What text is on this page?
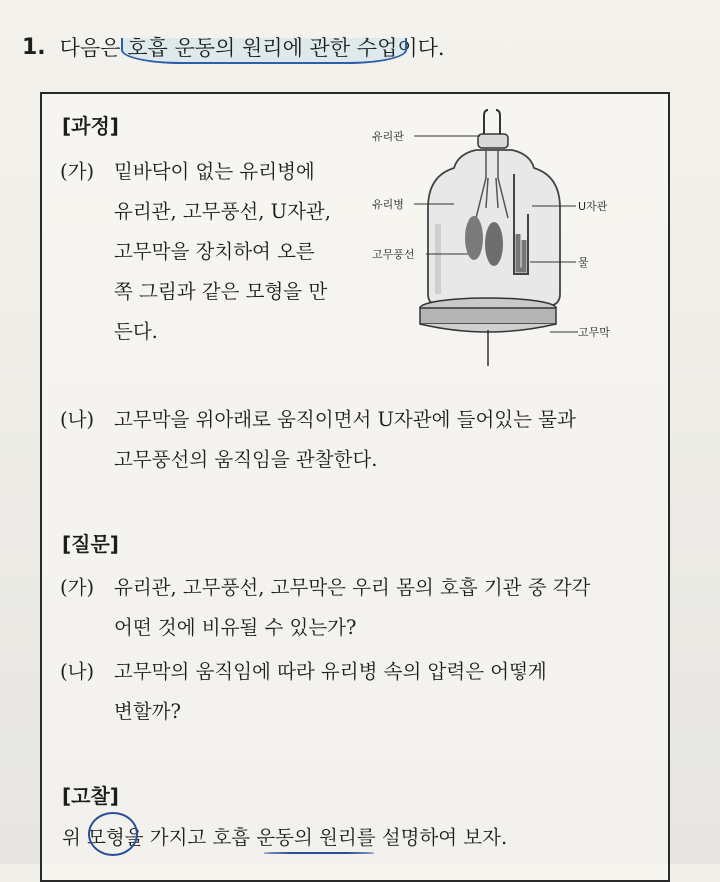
1. 다음은 호흡 운동의 원리에 관한 수업이다.
[과정]
(가) 밑바닥이 없는 유리병에
유리관, 고무풍선, U자관,
고무막을 장치하여 오른
쪽 그림과 같은 모형을 만
든다.
유리관
유리병	U자관
고무풍선
물
고무막
(나) 고무막을 위아래로 움직이면서 U자관에 들어있는 물과
고무풍선의 움직임을 관찰한다.
[질문]
(가) 유리관, 고무풍선, 고무막은 우리 몸의 호흡 기관 중 각각
어떤 것에 비유될 수 있는가?
(나) 고무막의 움직임에 따라 유리병 속의 압력은 어떻게
변할까?
[고찰]
위 모형을 가지고 호흡 운동의 원리를 설명하여 보자.
